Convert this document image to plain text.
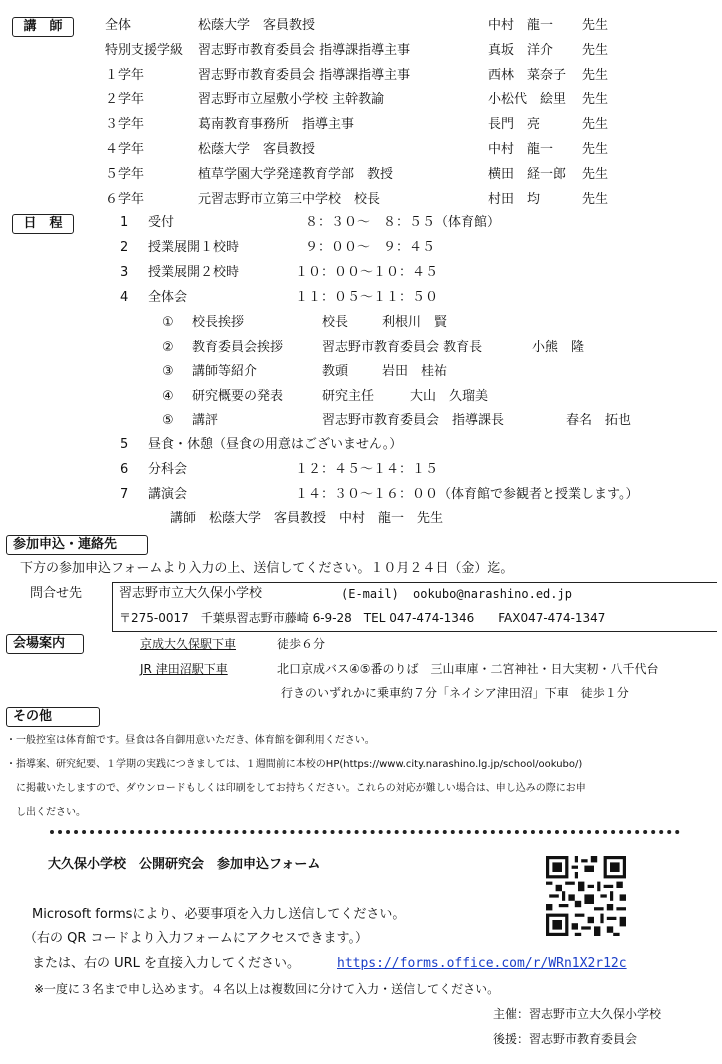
講　師
日　程
参加申込・連絡先
会場案内
その他
全体	松蔭大学　客員教授	中村　龍一 先生
特別支援学級 習志野市教育委員会 指導課指導主事	真坂　洋介 先生
１学年	習志野市教育委員会 指導課指導主事	西林　菜奈子 先生
２学年	習志野市立屋敷小学校 主幹教諭	小松代　絵里 先生
３学年	葛南教育事務所　指導主事	長門　亮	先生
４学年	松蔭大学　客員教授	中村　龍一 先生
５学年	植草学園大学発達教育学部　教授	横田　経一郎 先生
６学年	元習志野市立第三中学校　校長	村田　均	先生
1 受付	８：３０～　８：５５（体育館）
2 授業展開１校時	９：００～　９：４５
3 授業展開２校時	１０：００～１０：４５
4 全体会	１１：０５～１１：５０
① 校長挨拶	校長	利根川　賢
② 教育委員会挨拶	習志野市教育委員会 教育長	小熊　隆
③ 講師等紹介	教頭	岩田　桂祐
④ 研究概要の発表	研究主任	大山　久瑠美
⑤ 講評	習志野市教育委員会　指導課長	春名　拓也
5 昼食・休憩（昼食の用意はございません。）
6 分科会	１２：４５～１４：１５
7 講演会	１４：３０～１６：００（体育館で参観者と授業します。）
講師　松蔭大学　客員教授　中村　龍一　先生
下方の参加申込フォームより入力の上、送信してください。１０月２４日（金）迄。
問合せ先	習志野市立大久保小学校	(E-mail) ookubo@narashino.ed.jp
〒275-0017　千葉県習志野市藤崎 6-9-28　TEL 047-474-1346　　FAX047-474-1347
京成大久保駅下車	徒歩６分
JR 津田沼駅下車	北口京成バス④⑤番のりば　三山車庫・二宮神社・日大実籾・八千代台
行きのいずれかに乗車約７分「ネイシア津田沼」下車　徒歩１分
・一般控室は体育館です。昼食は各自御用意いただき、体育館を御利用ください。
・指導案、研究紀要、１学期の実践につきましては、１週間前に本校のHP(https://www.city.narashino.lg.jp/school/ookubo/)
　に掲載いたしますので、ダウンロードもしくは印刷をしてお持ちください。これらの対応が難しい場合は、申し込みの際にお申
　し出ください。
大久保小学校　公開研究会　参加申込フォーム
Microsoft formsにより、必要事項を入力し送信してください。
（右の QR コードより入力フォームにアクセスできます。）
または、右の URL を直接入力してください。	https://forms.office.com/r/WRn1X2r12c
※一度に３名まで申し込めます。４名以上は複数回に分けて入力・送信してください。
主催：習志野市立大久保小学校
後援：習志野市教育委員会
